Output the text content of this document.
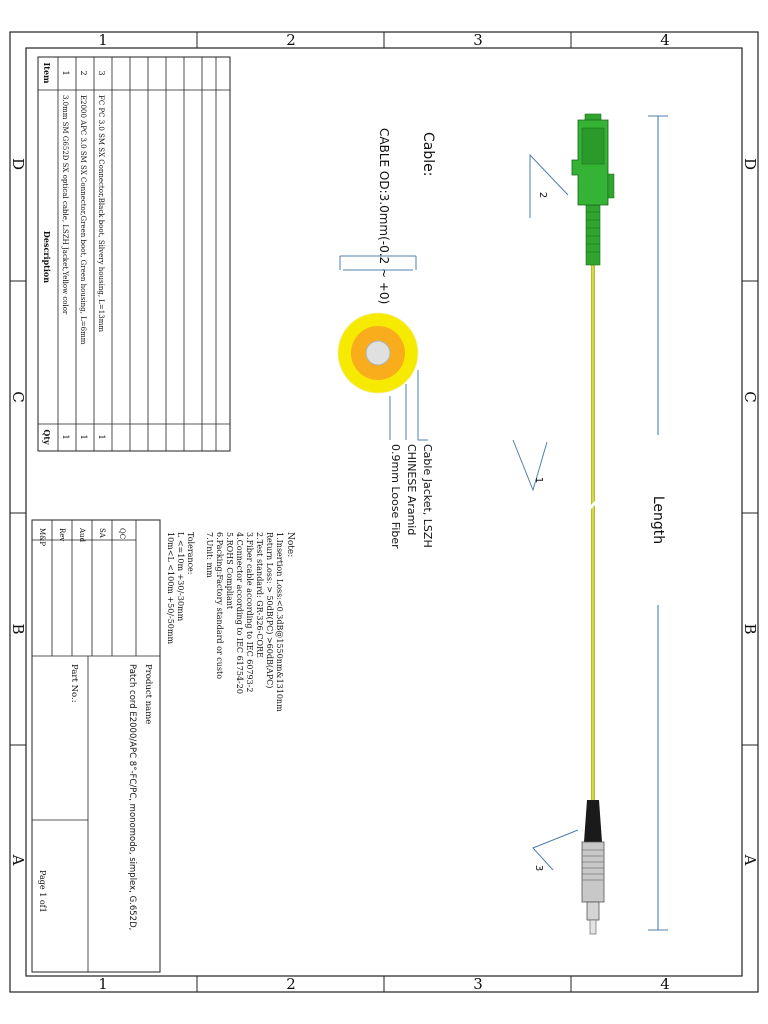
D
C
B
A
D
C
B
A
4
3
2
1
4
3
2
1
Length
2
1
3
Cable:
CABLE OD:3.0mm(-0.2 ~ +0)
Cable Jacket, LSZH
CHINESE Aramid
0.9mm Loose Fiber
Note:
1.Insertion Loss:<0.3dB@1550nm&1310nm
Return Loss: > 50dB(PC) >60dB(APC)
2.Test standard: GR-326-CORE
3.Fiber cable according to IEC 60793-2
4.Connector according to IEC 61754-20
5.ROHS Compliant
6.Packing:Factory standard or custo
7.Unit: mm
Tolerance:
L <=10m +30/-30mm
10m<L <100m +50/-50mm
Item
Description
Qty
1
3.0mm SM G652D SX optical cable, LSZH Jacket,Yellow color
1
2
E2000 APC 3.0 SM SX Connector,Green boot, Green housing, L=6mm
1
3
FC PC 3.0 SM SX Connector,Black boot, Silvery housing, L=13mm
1
QC
SA
Aud
Rev
M&P
Product name
Patch cord E2000/APC 8°-FC/PC, monomodo, simplex, G.652D,
Part No.:
Page 1 of1
